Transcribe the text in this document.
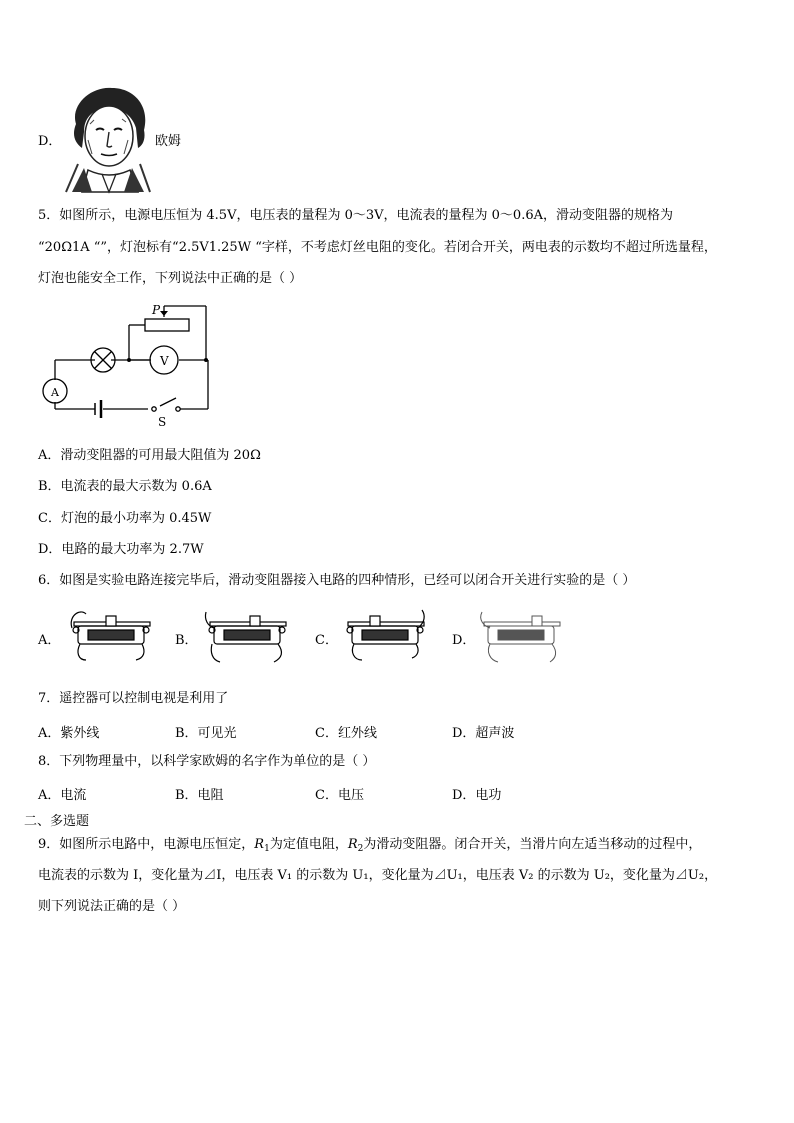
D．	欧姆
5．如图所示，电源电压恒为 4.5V，电压表的量程为 0～3V，电流表的量程为 0～0.6A，滑动变阻器的规格为
“20Ω1A “”，灯泡标有“2.5V1.25W “字样，不考虑灯丝电阻的变化。若闭合开关，两电表的示数均不超过所选量程，
灯泡也能安全工作，下列说法中正确的是（ ）
P
V
A
S
A．滑动变阻器的可用最大阻值为 20Ω
B．电流表的最大示数为 0.6A
C．灯泡的最小功率为 0.45W
D．电路的最大功率为 2.7W
6．如图是实验电路连接完毕后，滑动变阻器接入电路的四种情形，已经可以闭合开关进行实验的是（ ）
A．	B．	C．	D．
7．遥控器可以控制电视是利用了
A．紫外线	B．可见光	C．红外线	D．超声波
8．下列物理量中，以科学家欧姆的名字作为单位的是（ ）
A．电流	B．电阻	C．电压	D．电功
二、多选题
9．如图所示电路中，电源电压恒定，$R_1$为定值电阻，$R_2$为滑动变阻器。闭合开关，当滑片向左适当移动的过程中，
电流表的示数为 I，变化量为⊿I，电压表 V₁ 的示数为 U₁，变化量为⊿U₁，电压表 V₂ 的示数为 U₂，变化量为⊿U₂，
则下列说法正确的是（ ）
